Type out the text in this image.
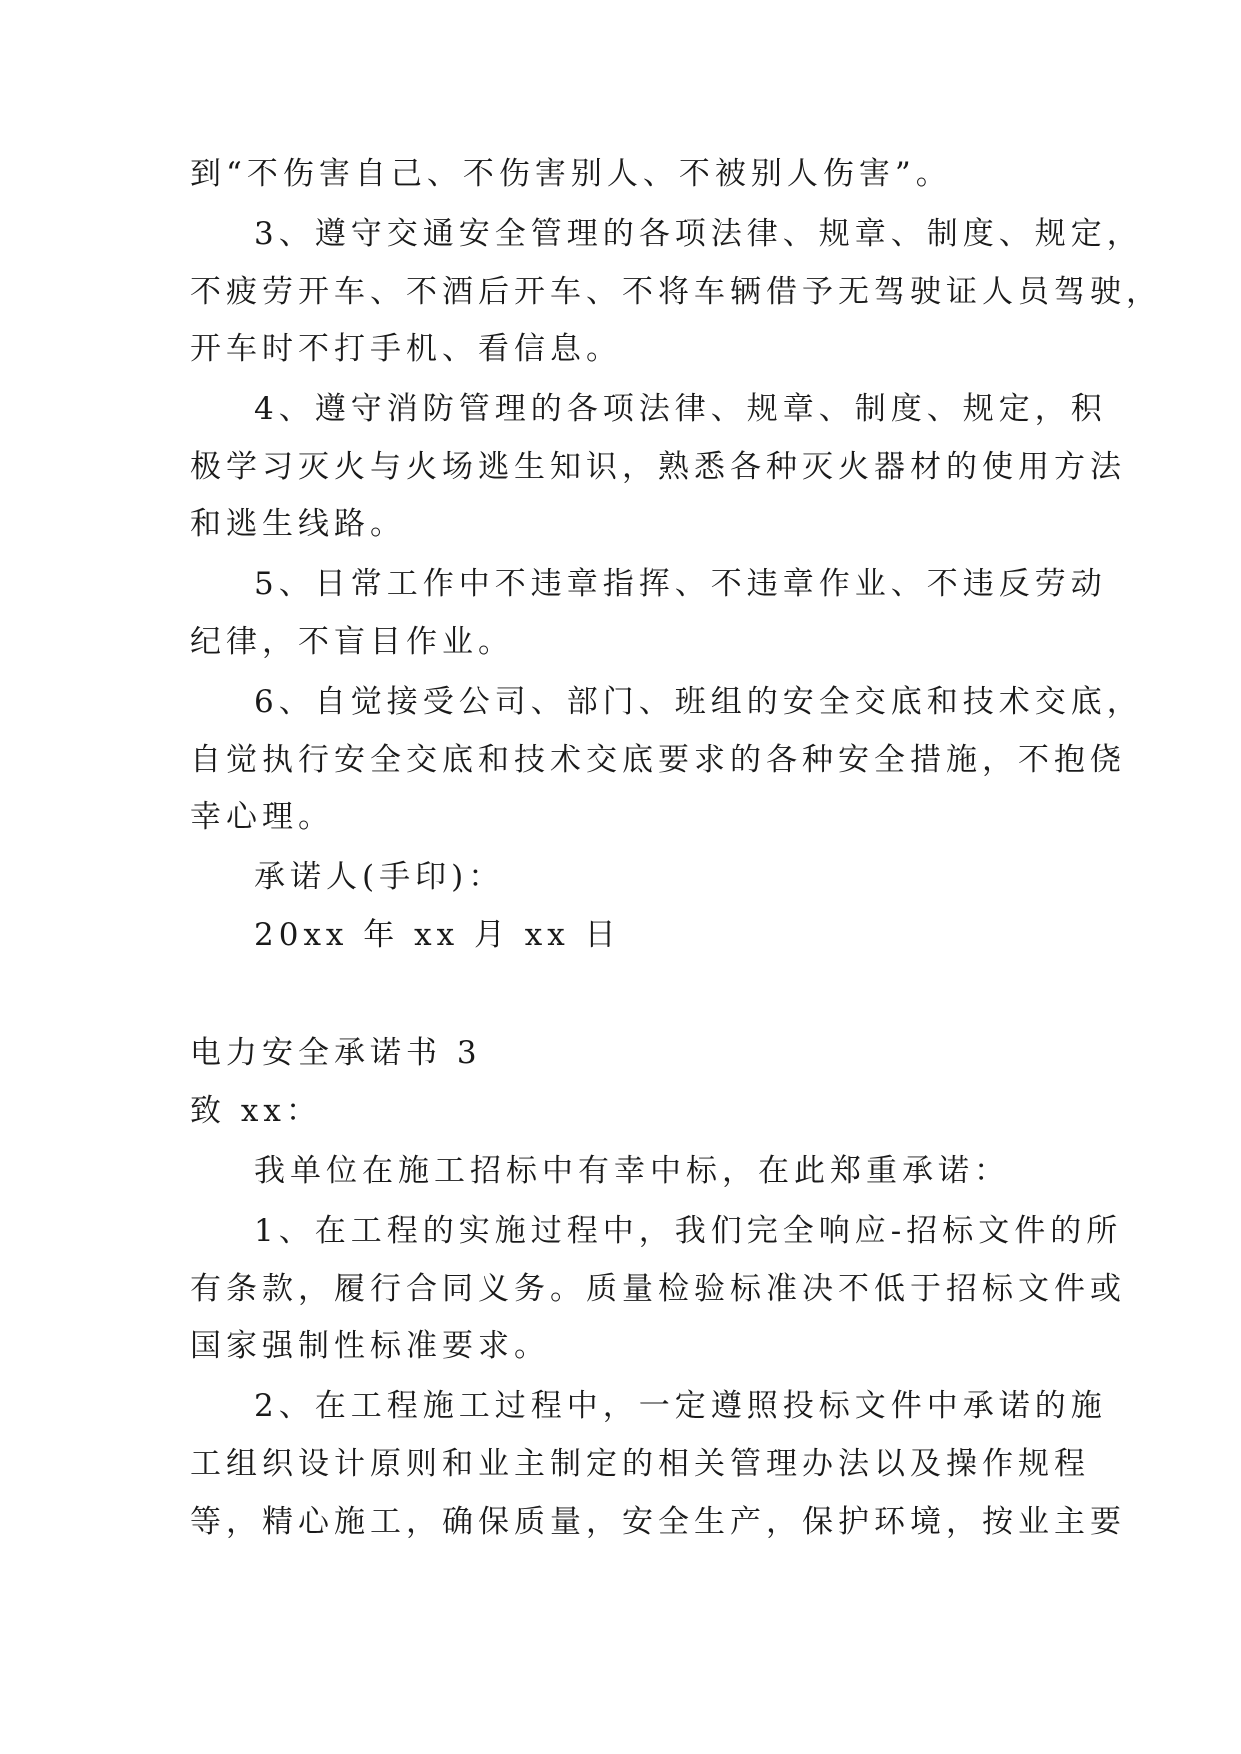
到“不伤害自己、不伤害别人、不被别人伤害”。
3、遵守交通安全管理的各项法律、规章、制度、规定，
不疲劳开车、不酒后开车、不将车辆借予无驾驶证人员驾驶，
开车时不打手机、看信息。
4、遵守消防管理的各项法律、规章、制度、规定，积
极学习灭火与火场逃生知识，熟悉各种灭火器材的使用方法
和逃生线路。
5、日常工作中不违章指挥、不违章作业、不违反劳动
纪律，不盲目作业。
6、自觉接受公司、部门、班组的安全交底和技术交底，
自觉执行安全交底和技术交底要求的各种安全措施，不抱侥
幸心理。
承诺人(手印)：
20xx 年 xx 月 xx 日
电力安全承诺书 3
致 xx：
我单位在施工招标中有幸中标，在此郑重承诺：
1、在工程的实施过程中，我们完全响应-招标文件的所
有条款，履行合同义务。质量检验标准决不低于招标文件或
国家强制性标准要求。
2、在工程施工过程中，一定遵照投标文件中承诺的施
工组织设计原则和业主制定的相关管理办法以及操作规程
等，精心施工，确保质量，安全生产，保护环境，按业主要
